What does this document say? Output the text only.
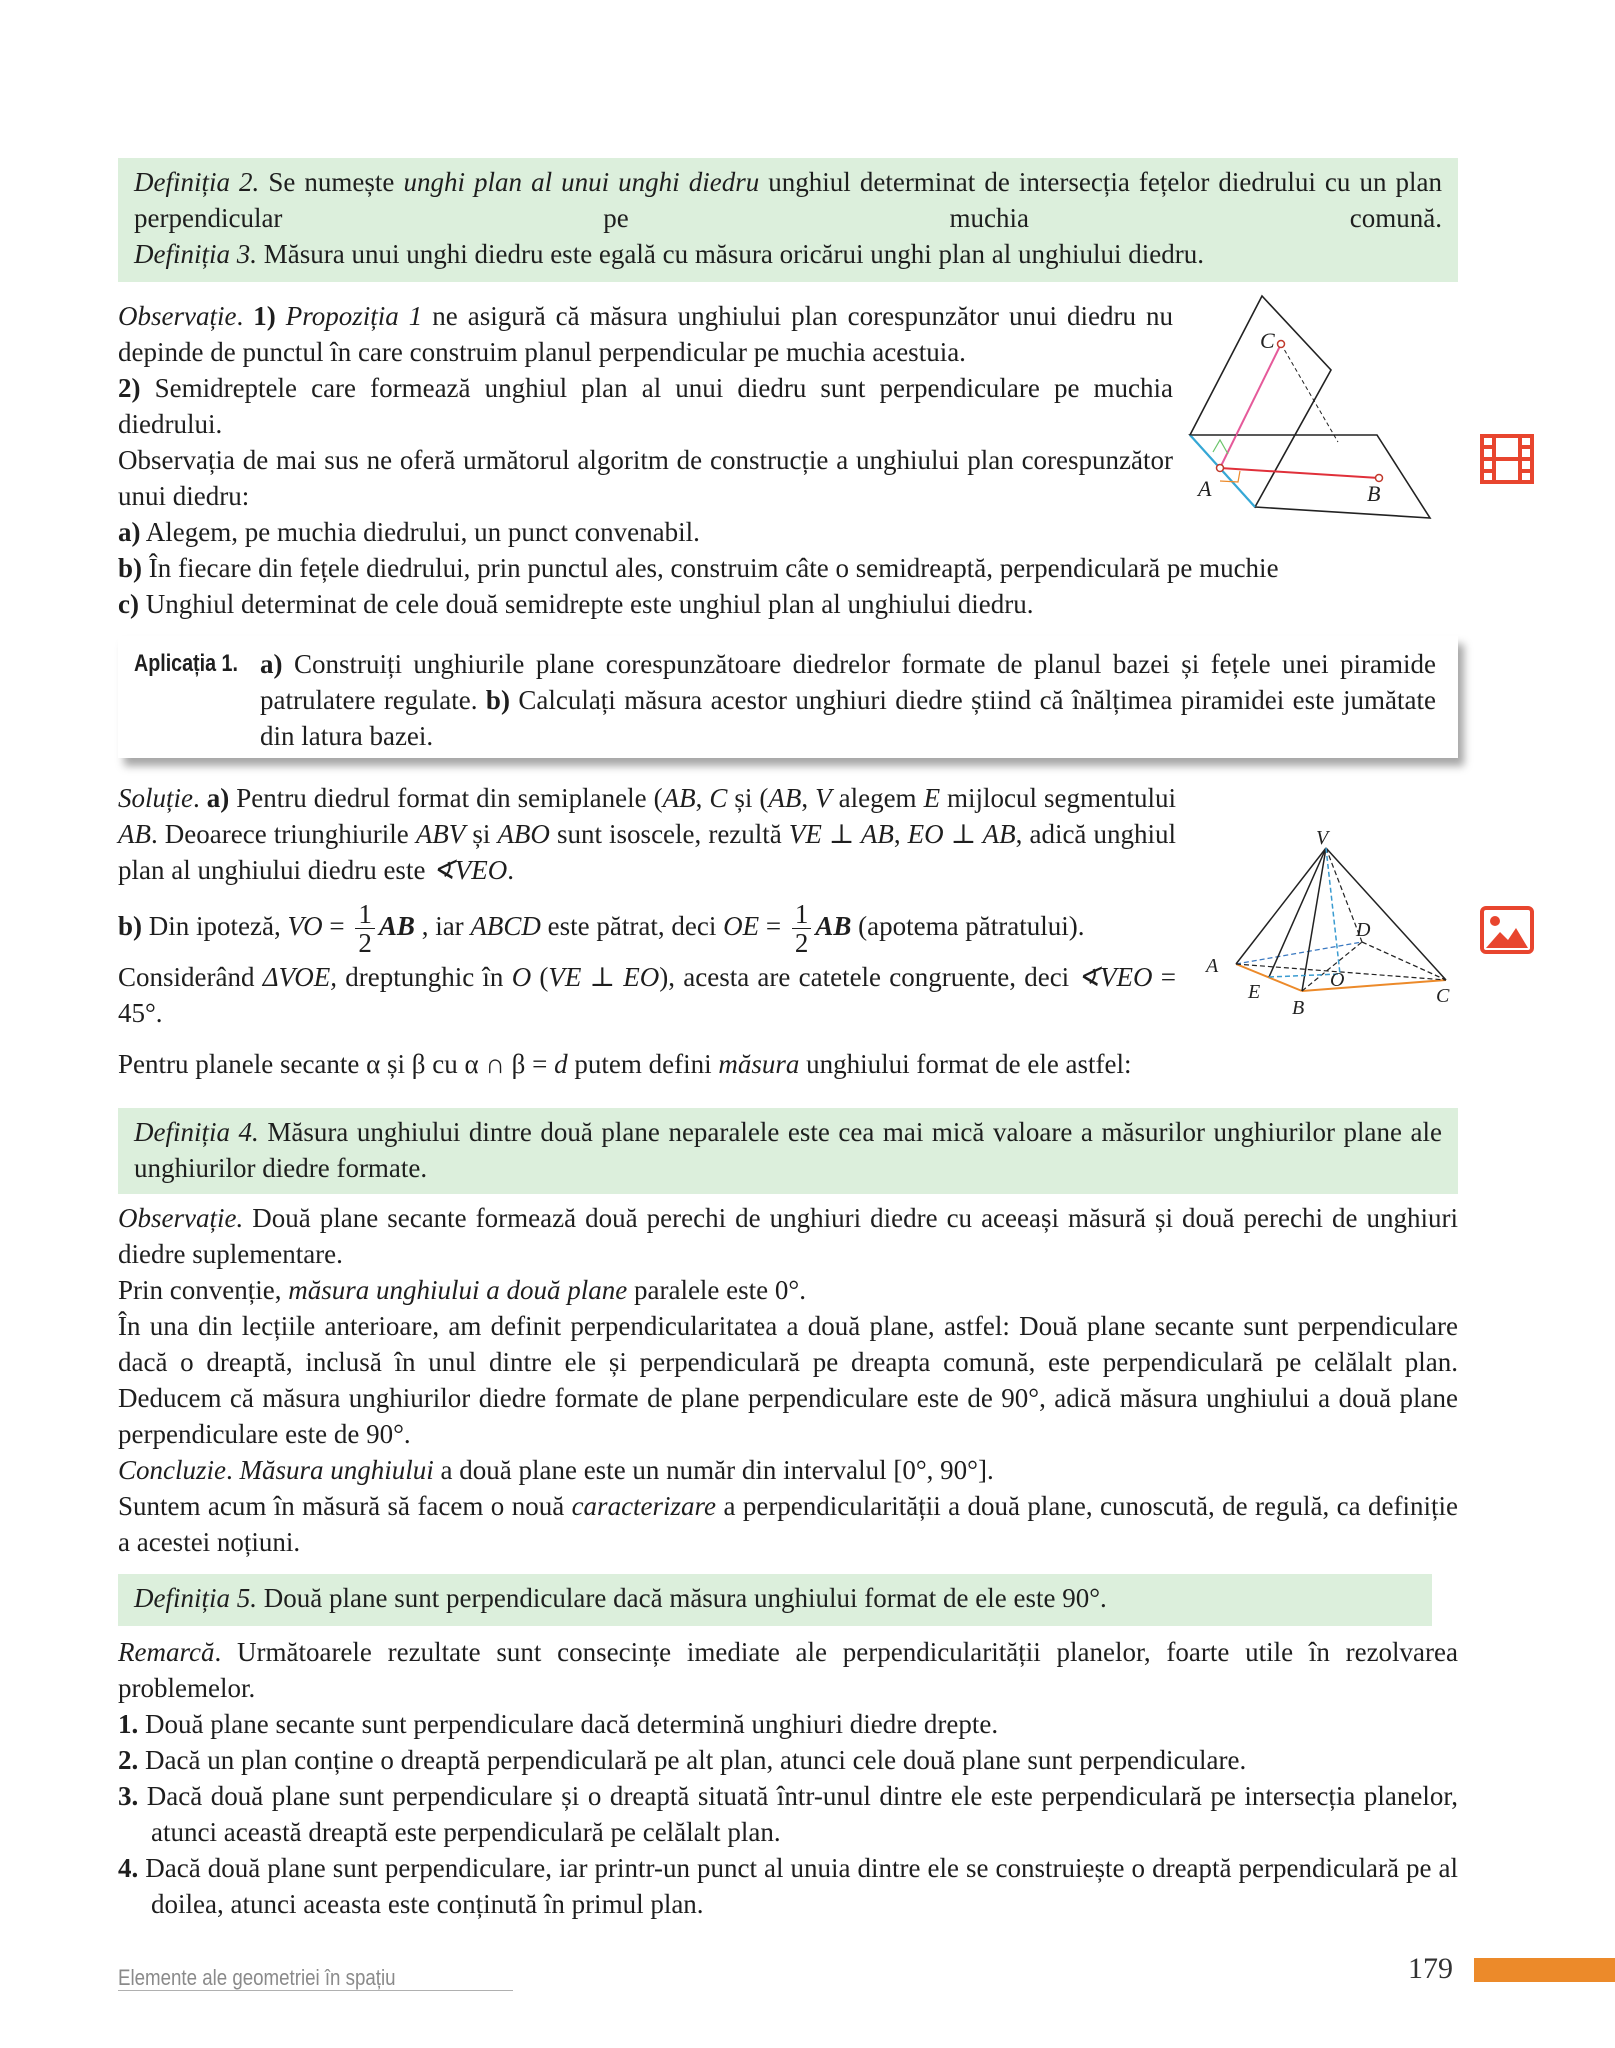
Definiția 2. Se numește unghi plan al unui unghi diedru unghiul determinat de intersecția fețelor diedrului cu un plan perpendicular pe muchia comună.

Definiția 3. Măsura unui unghi diedru este egală cu măsura oricărui unghi plan al unghiului diedru.

Observație. 1) Propoziția 1 ne asigură că măsura unghiului plan corespunzător unui diedru nu depinde de punctul în care construim planul perpendicular pe muchia acestuia.

2) Semidreptele care formează unghiul plan al unui diedru sunt perpendiculare pe muchia diedrului.

Observația de mai sus ne oferă următorul algoritm de construcție a unghiului plan corespunzător unui diedru:

a) Alegem, pe muchia diedrului, un punct convenabil.

b) În fiecare din fețele diedrului, prin punctul ales, construim câte o semidreaptă, perpendiculară pe muchie

c) Unghiul determinat de cele două semidrepte este unghiul plan al unghiului diedru.

C
A	B
Aplicația 1. a) Construiți unghiurile plane corespunzătoare diedrelor formate de planul bazei și fețele unei piramide patrulatere regulate. b) Calculați măsura acestor unghiuri diedre știind că înălțimea piramidei este jumătate din latura bazei.

Soluție. a) Pentru diedrul format din semiplanele (AB, C și (AB, V alegem E mijlocul segmentului AB. Deoarece triunghiurile ABV și ABO sunt isoscele, rezultă VE ⊥ AB, EO ⊥ AB, adică unghiul plan al unghiului diedru este ∢VEO.

b) Din ipoteză, VO = $\frac{1}{2}$ AB , iar ABCD este pătrat, deci OE = $\frac{1}{2}$ AB (apotema pătratului).

Considerând ΔVOE, dreptunghic în O (VE ⊥ EO), acesta are catetele congruente, deci ∢VEO = 45°.

Pentru planele secante α și β cu α ∩ β = d putem defini măsura unghiului format de ele astfel:

V
D
A
E
O
B
C

Definiția 4. Măsura unghiului dintre două plane neparalele este cea mai mică valoare a măsurilor unghiurilor plane ale unghiurilor diedre formate.

Observație. Două plane secante formează două perechi de unghiuri diedre cu aceeași măsură și două perechi de unghiuri diedre suplementare.

Prin convenție, măsura unghiului a două plane paralele este 0°.

În una din lecțiile anterioare, am definit perpendicularitatea a două plane, astfel: Două plane secante sunt perpendiculare dacă o dreaptă, inclusă în unul dintre ele și perpendiculară pe dreapta comună, este perpendiculară pe celălalt plan. Deducem că măsura unghiurilor diedre formate de plane perpendiculare este de 90°, adică măsura unghiului a două plane perpendiculare este de 90°.

Concluzie. Măsura unghiului a două plane este un număr din intervalul [0°, 90°].

Suntem acum în măsură să facem o nouă caracterizare a perpendicularității a două plane, cunoscută, de regulă, ca definiție a acestei noțiuni.

Definiția 5. Două plane sunt perpendiculare dacă măsura unghiului format de ele este 90°.

Remarcă. Următoarele rezultate sunt consecințe imediate ale perpendicularității planelor, foarte utile în rezolvarea problemelor.

1. Două plane secante sunt perpendiculare dacă determină unghiuri diedre drepte.

2. Dacă un plan conține o dreaptă perpendiculară pe alt plan, atunci cele două plane sunt perpendiculare.

3. Dacă două plane sunt perpendiculare și o dreaptă situată într-unul dintre ele este perpendiculară pe intersecția planelor, atunci această dreaptă este perpendiculară pe celălalt plan.

4. Dacă două plane sunt perpendiculare, iar printr-un punct al unuia dintre ele se construiește o dreaptă perpendiculară pe al doilea, atunci aceasta este conținută în primul plan.

Elemente ale geometriei în spațiu	179
